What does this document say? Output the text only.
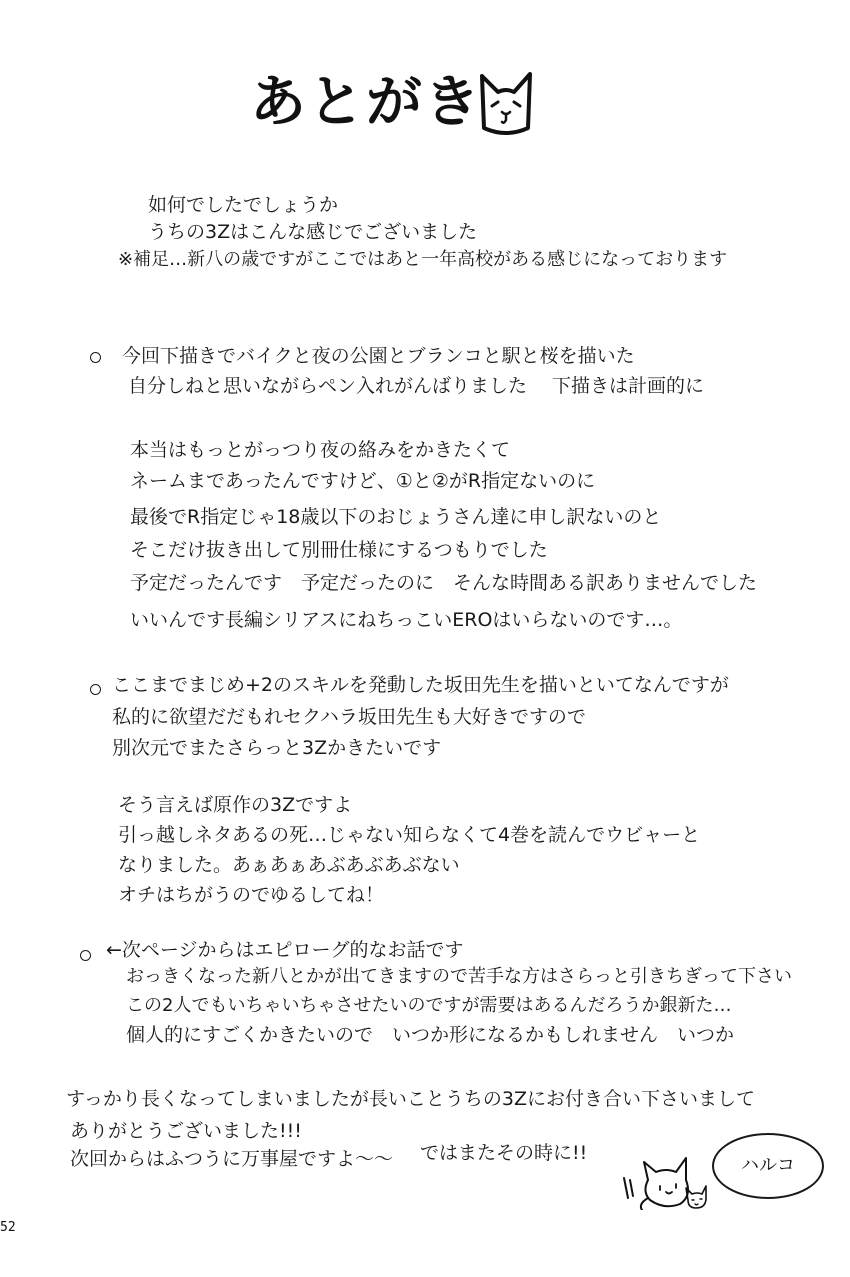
あとがき
如何でしたでしょうか
うちの3Zはこんな感じでございました
※補足…新八の歳ですがここではあと一年高校がある感じになっております
今回下描きでバイクと夜の公園とブランコと駅と桜を描いた
自分しねと思いながらペン入れがんばりました 下描きは計画的に
本当はもっとがっつり夜の絡みをかきたくて
ネームまであったんですけど、①と②がR指定ないのに
最後でR指定じゃ18歳以下のおじょうさん達に申し訳ないのと
そこだけ抜き出して別冊仕様にするつもりでした
予定だったんです　予定だったのに　そんな時間ある訳ありませんでした
いいんです長編シリアスにねちっこいEROはいらないのです…。
ここまでまじめ+2のスキルを発動した坂田先生を描いといてなんですが
私的に欲望だだもれセクハラ坂田先生も大好きですので
別次元でまたさらっと3Zかきたいです
そう言えば原作の3Zですよ
引っ越しネタあるの死…じゃない知らなくて4巻を読んでウビャーと
なりました。あぁあぁあぶあぶあぶない
オチはちがうのでゆるしてね！
←次ページからはエピローグ的なお話です
おっきくなった新八とかが出てきますので苦手な方はさらっと引きちぎって下さい
この2人でもいちゃいちゃさせたいのですが需要はあるんだろうか銀新た…
個人的にすごくかきたいので　いつか形になるかもしれません　いつか
すっかり長くなってしまいましたが長いことうちの3Zにお付き合い下さいまして
ありがとうございました!!!
次回からはふつうに万事屋ですよ〜〜 ではまたその時に!!
ハルコ
52
